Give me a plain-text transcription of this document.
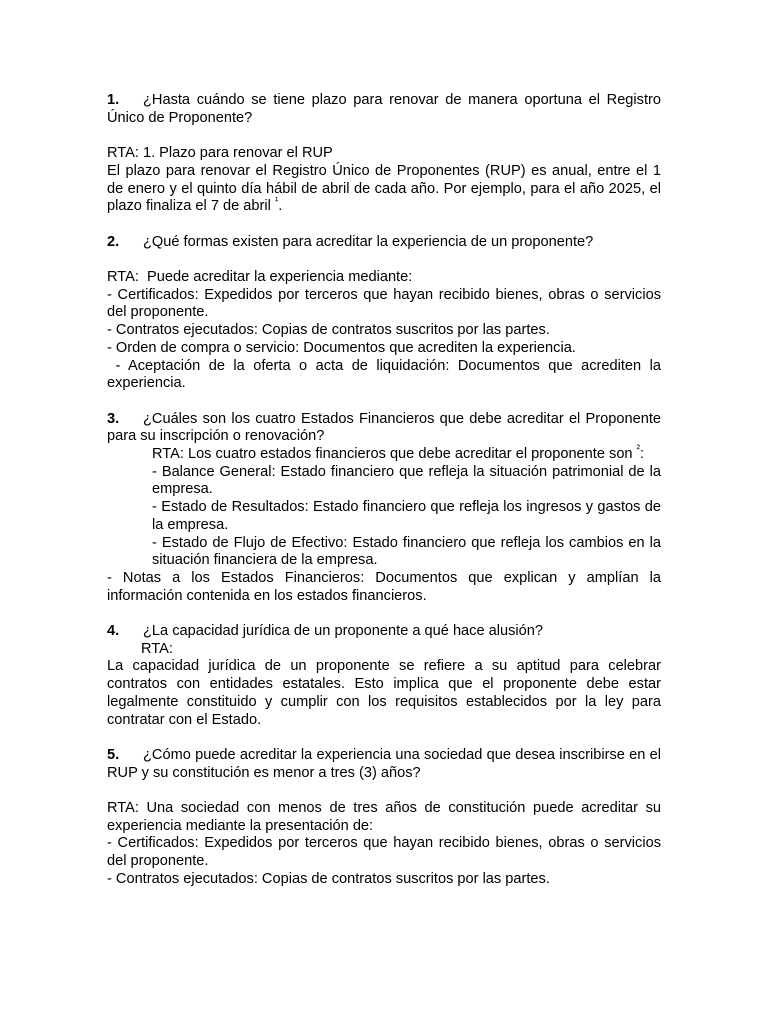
1. ¿Hasta cuándo se tiene plazo para renovar de manera oportuna el Registro Único de Proponente?

RTA: 1. Plazo para renovar el RUP

El plazo para renovar el Registro Único de Proponentes (RUP) es anual, entre el 1 de enero y el quinto día hábil de abril de cada año. Por ejemplo, para el año 2025, el plazo finaliza el 7 de abril $^{^1}$.

2. ¿Qué formas existen para acreditar la experiencia de un proponente?

RTA:  Puede acreditar la experiencia mediante:

- Certificados: Expedidos por terceros que hayan recibido bienes, obras o servicios del proponente.

- Contratos ejecutados: Copias de contratos suscritos por las partes.

- Orden de compra o servicio: Documentos que acrediten la experiencia.

- Aceptación de la oferta o acta de liquidación: Documentos que acrediten la experiencia.

3. ¿Cuáles son los cuatro Estados Financieros que debe acreditar el Proponente para su inscripción o renovación?

RTA: Los cuatro estados financieros que debe acreditar el proponente son $^{^2}$:

- Balance General: Estado financiero que refleja la situación patrimonial de la empresa.

- Estado de Resultados: Estado financiero que refleja los ingresos y gastos de la empresa.

- Estado de Flujo de Efectivo: Estado financiero que refleja los cambios en la situación financiera de la empresa.

- Notas a los Estados Financieros: Documentos que explican y amplían la información contenida en los estados financieros.

4. ¿La capacidad jurídica de un proponente a qué hace alusión?

RTA:

La capacidad jurídica de un proponente se refiere a su aptitud para celebrar contratos con entidades estatales. Esto implica que el proponente debe estar legalmente constituido y cumplir con los requisitos establecidos por la ley para contratar con el Estado.

5. ¿Cómo puede acreditar la experiencia una sociedad que desea inscribirse en el RUP y su constitución es menor a tres (3) años?

RTA: Una sociedad con menos de tres años de constitución puede acreditar su experiencia mediante la presentación de:

- Certificados: Expedidos por terceros que hayan recibido bienes, obras o servicios del proponente.

- Contratos ejecutados: Copias de contratos suscritos por las partes.
